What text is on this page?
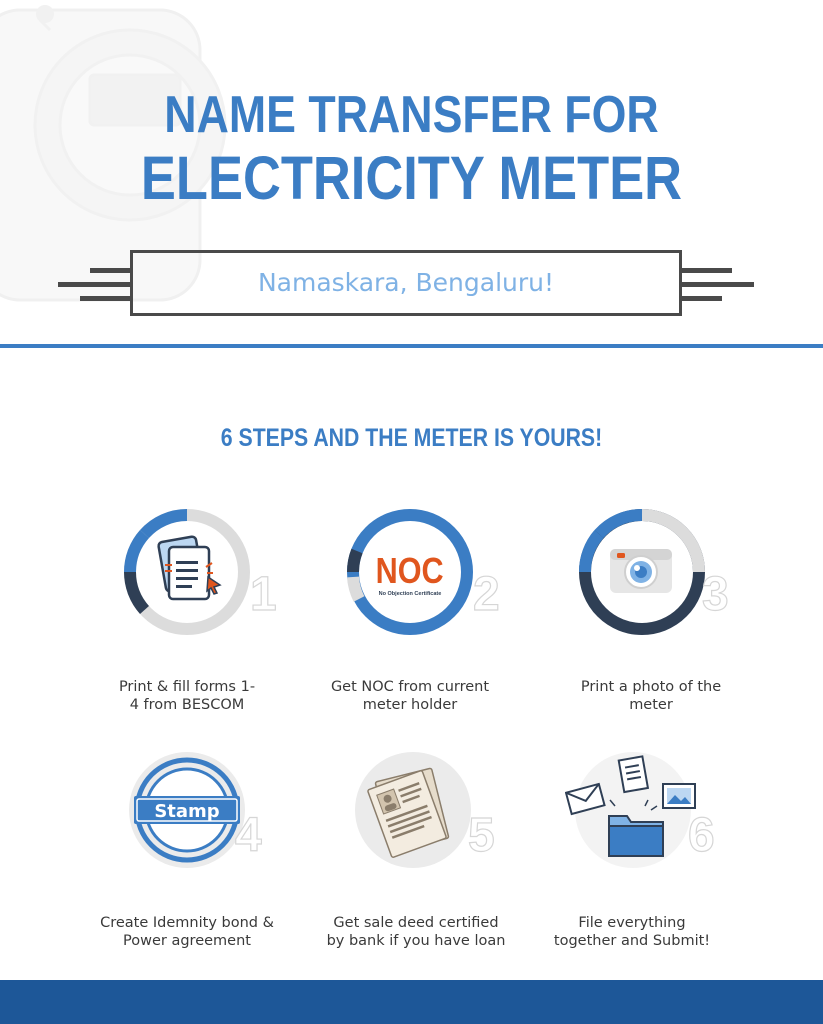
NAME TRANSFER FOR
ELECTRICITY METER
Namaskara, Bengaluru!
6 STEPS AND THE METER IS YOURS!
1
Print & fill forms 1-
4 from BESCOM
NOC
No Objection Certificate 2
Get NOC from current
meter holder
3
Print a photo of the
meter
Stamp 4
Create Idemnity bond &
Power agreement
5
Get sale deed certified
by bank if you have loan
6
File everything
together and Submit!
